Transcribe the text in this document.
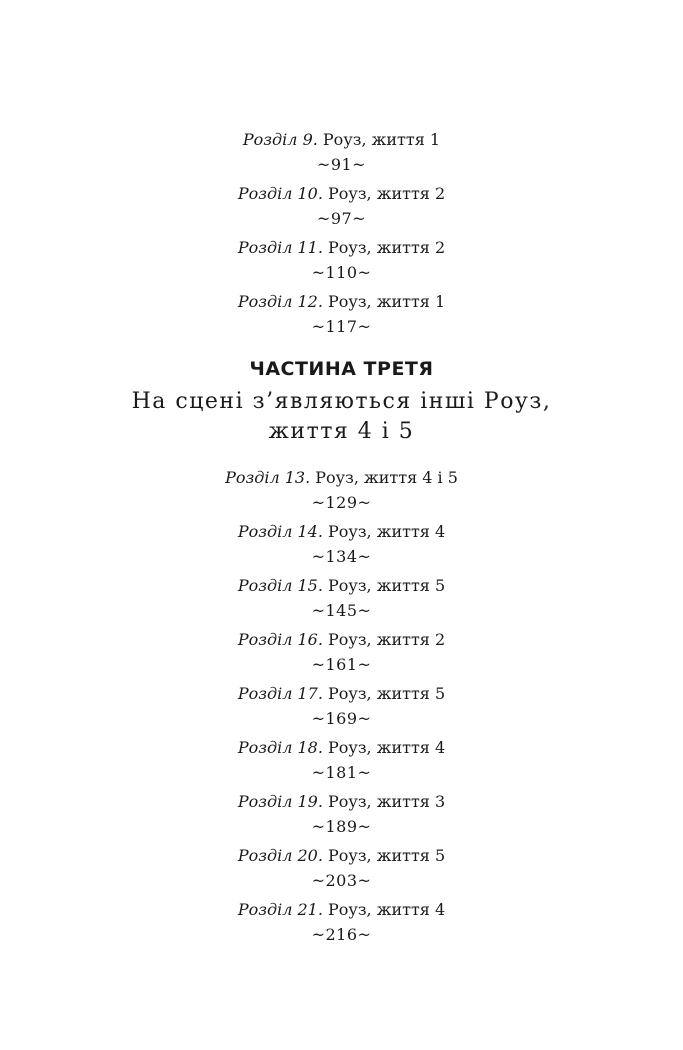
Розділ 9. Роуз, життя 1
~91~
Розділ 10. Роуз, життя 2
~97~
Розділ 11. Роуз, життя 2
~110~
Розділ 12. Роуз, життя 1
~117~
ЧАСТИНА ТРЕТЯ
На сцені з’являються інші Роуз,
життя 4 і 5
Розділ 13. Роуз, життя 4 і 5
~129~
Розділ 14. Роуз, життя 4
~134~
Розділ 15. Роуз, життя 5
~145~
Розділ 16. Роуз, життя 2
~161~
Розділ 17. Роуз, життя 5
~169~
Розділ 18. Роуз, життя 4
~181~
Розділ 19. Роуз, життя 3
~189~
Розділ 20. Роуз, життя 5
~203~
Розділ 21. Роуз, життя 4
~216~
